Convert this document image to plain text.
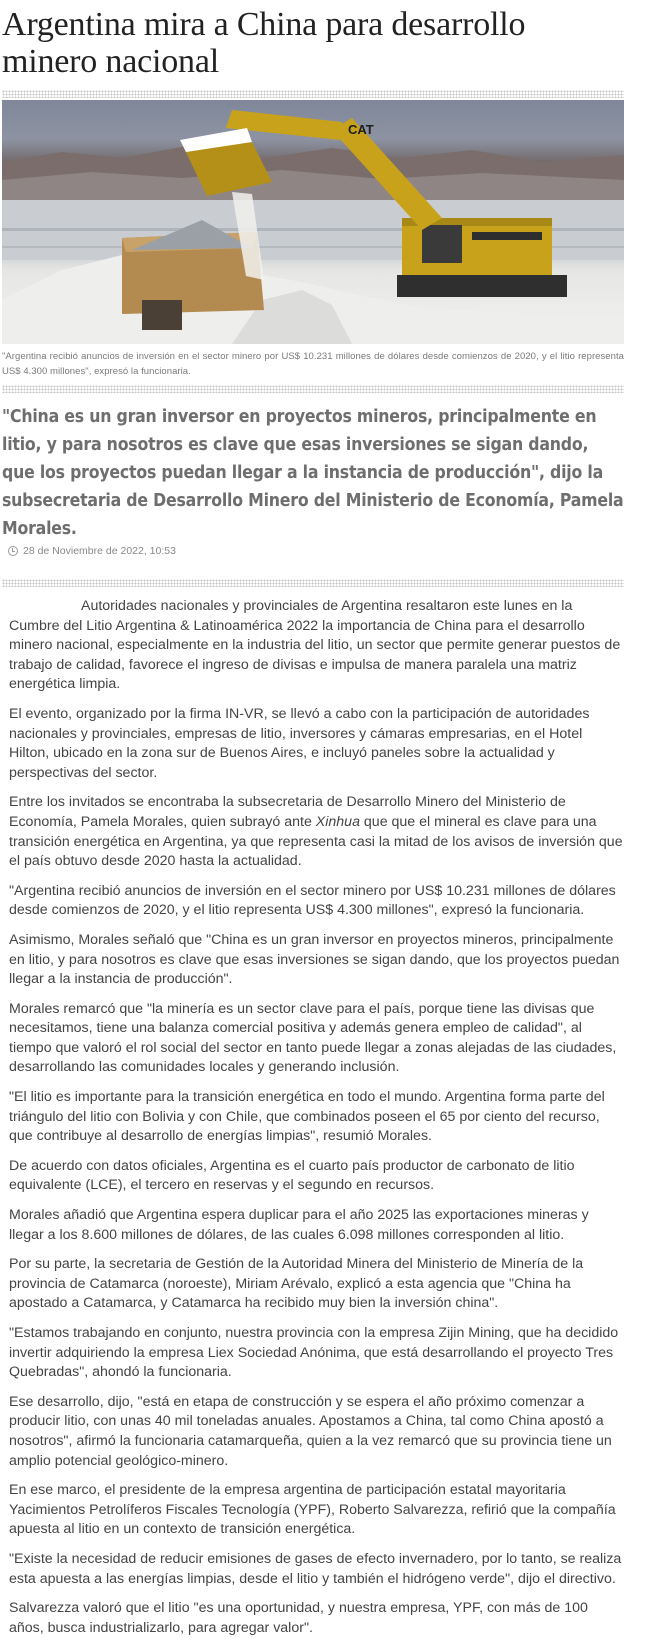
Argentina mira a China para desarrollo minero nacional
CAT

"Argentina recibió anuncios de inversión en el sector minero por US$ 10.231 millones de dólares desde comienzos de 2020, y el litio representa US$ 4.300 millones", expresó la funcionaria.

"China es un gran inversor en proyectos mineros, principalmente en litio, y para nosotros es clave que esas inversiones se sigan dando, que los proyectos puedan llegar a la instancia de producción", dijo la subsecretaria de Desarrollo Minero del Ministerio de Economía, Pamela Morales.

28 de Noviembre de 2022, 10:53

Autoridades nacionales y provinciales de Argentina resaltaron este lunes en la Cumbre del Litio Argentina & Latinoamérica 2022 la importancia de China para el desarrollo minero nacional, especialmente en la industria del litio, un sector que permite generar puestos de trabajo de calidad, favorece el ingreso de divisas e impulsa de manera paralela una matriz energética limpia.

El evento, organizado por la firma IN-VR, se llevó a cabo con la participación de autoridades nacionales y provinciales, empresas de litio, inversores y cámaras empresarias, en el Hotel Hilton, ubicado en la zona sur de Buenos Aires, e incluyó paneles sobre la actualidad y perspectivas del sector.

Entre los invitados se encontraba la subsecretaria de Desarrollo Minero del Ministerio de Economía, Pamela Morales, quien subrayó ante Xinhua que que el mineral es clave para una transición energética en Argentina, ya que representa casi la mitad de los avisos de inversión que el país obtuvo desde 2020 hasta la actualidad.

"Argentina recibió anuncios de inversión en el sector minero por US$ 10.231 millones de dólares desde comienzos de 2020, y el litio representa US$ 4.300 millones", expresó la funcionaria.

Asimismo, Morales señaló que "China es un gran inversor en proyectos mineros, principalmente en litio, y para nosotros es clave que esas inversiones se sigan dando, que los proyectos puedan llegar a la instancia de producción".

Morales remarcó que "la minería es un sector clave para el país, porque tiene las divisas que necesitamos, tiene una balanza comercial positiva y además genera empleo de calidad", al tiempo que valoró el rol social del sector en tanto puede llegar a zonas alejadas de las ciudades, desarrollando las comunidades locales y generando inclusión.

"El litio es importante para la transición energética en todo el mundo. Argentina forma parte del triángulo del litio con Bolivia y con Chile, que combinados poseen el 65 por ciento del recurso, que contribuye al desarrollo de energías limpias", resumió Morales.

De acuerdo con datos oficiales, Argentina es el cuarto país productor de carbonato de litio equivalente (LCE), el tercero en reservas y el segundo en recursos.

Morales añadió que Argentina espera duplicar para el año 2025 las exportaciones mineras y llegar a los 8.600 millones de dólares, de las cuales 6.098 millones corresponden al litio.

Por su parte, la secretaria de Gestión de la Autoridad Minera del Ministerio de Minería de la provincia de Catamarca (noroeste), Miriam Arévalo, explicó a esta agencia que "China ha apostado a Catamarca, y Catamarca ha recibido muy bien la inversión china".

"Estamos trabajando en conjunto, nuestra provincia con la empresa Zijin Mining, que ha decidido invertir adquiriendo la empresa Liex Sociedad Anónima, que está desarrollando el proyecto Tres Quebradas", ahondó la funcionaria.

Ese desarrollo, dijo, "está en etapa de construcción y se espera el año próximo comenzar a producir litio, con unas 40 mil toneladas anuales. Apostamos a China, tal como China apostó a nosotros", afirmó la funcionaria catamarqueña, quien a la vez remarcó que su provincia tiene un amplio potencial geológico-minero.

En ese marco, el presidente de la empresa argentina de participación estatal mayoritaria Yacimientos Petrolíferos Fiscales Tecnología (YPF), Roberto Salvarezza, refirió que la compañía apuesta al litio en un contexto de transición energética.

"Existe la necesidad de reducir emisiones de gases de efecto invernadero, por lo tanto, se realiza esta apuesta a las energías limpias, desde el litio y también el hidrógeno verde", dijo el directivo.

Salvarezza valoró que el litio "es una oportunidad, y nuestra empresa, YPF, con más de 100 años, busca industrializarlo, para agregar valor".
